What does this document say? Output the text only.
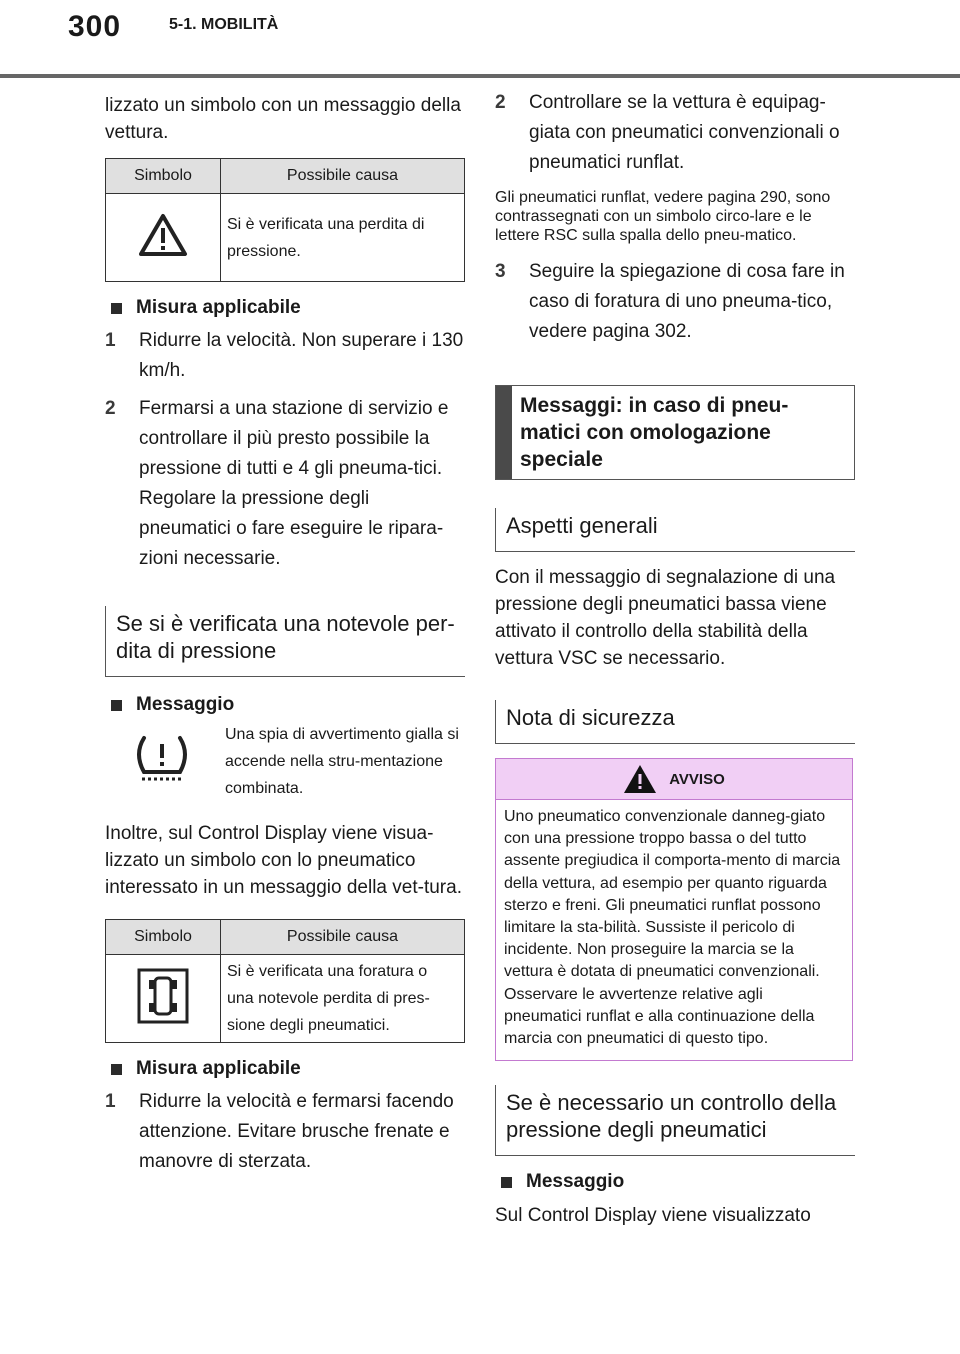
300	5-1. MOBILITÀ

lizzato un simbolo con un messaggio della vettura.

Simbolo	Possibile causa
	Si è verificata una perdita di pressione.
Misura applicabile
1	Ridurre la velocità. Non superare i 130 km/h.
2	Fermarsi a una stazione di servizio e controllare il più presto possibile la pressione di tutti e 4 gli pneuma-tici. Regolare la pressione degli pneumatici o fare eseguire le ripara-zioni necessarie.
Se si è verificata una notevole per-dita di pressione
Messaggio

Una spia di avvertimento gialla si accende nella stru-mentazione combinata.

Inoltre, sul Control Display viene visua-lizzato un simbolo con lo pneumatico interessato in un messaggio della vet-tura.

Simbolo	Possibile causa
	Si è verificata una foratura o una notevole perdita di pres-sione degli pneumatici.
Misura applicabile
1	Ridurre la velocità e fermarsi facendo attenzione. Evitare brusche frenate e manovre di sterzata.
2	Controllare se la vettura è equipag-giata con pneumatici convenzionali o pneumatici runflat.

Gli pneumatici runflat, vedere pagina 290, sono contrassegnati con un simbolo circo-lare e le lettere RSC sulla spalla dello pneu-matico.

3	Seguire la spiegazione di cosa fare in caso di foratura di uno pneuma-tico, vedere pagina 302.
Messaggi: in caso di pneu-matici con omologazione speciale
Aspetti generali

Con il messaggio di segnalazione di una pressione degli pneumatici bassa viene attivato il controllo della stabilità della vettura VSC se necessario.

Nota di sicurezza
AVVISO

Uno pneumatico convenzionale danneg-giato con una pressione troppo bassa o del tutto assente pregiudica il comporta-mento di marcia della vettura, ad esempio per quanto riguarda sterzo e freni. Gli pneumatici runflat possono limitare la sta-bilità. Sussiste il pericolo di incidente. Non proseguire la marcia se la vettura è dotata di pneumatici convenzionali. Osservare le avvertenze relative agli pneumatici runflat e alla continuazione della marcia con pneumatici di questo tipo.

Se è necessario un controllo della pressione degli pneumatici
Messaggio

Sul Control Display viene visualizzato
